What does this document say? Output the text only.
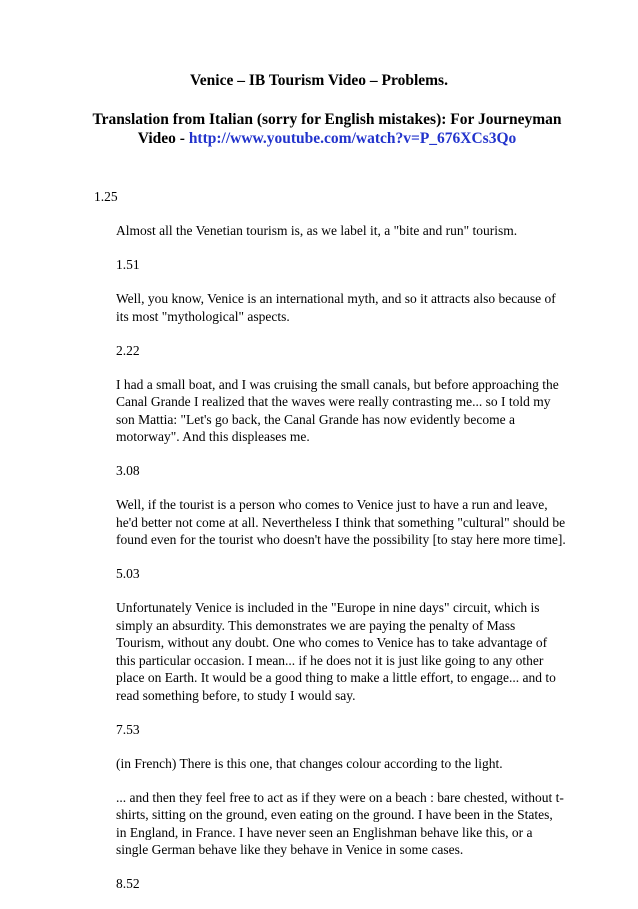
Venice – IB Tourism Video – Problems.

Translation from Italian (sorry for English mistakes): For Journeyman Video - http://www.youtube.com/watch?v=P_676XCs3Qo

1.25

Almost all the Venetian tourism is, as we label it, a "bite and run" tourism.

1.51

Well, you know, Venice is an international myth, and so it attracts also because of its most "mythological" aspects.

2.22

I had a small boat, and I was cruising the small canals, but before approaching the Canal Grande I realized that the waves were really contrasting me... so I told my son Mattia: "Let's go back, the Canal Grande has now evidently become a motorway". And this displeases me.

3.08

Well, if the tourist is a person who comes to Venice just to have a run and leave, he'd better not come at all. Nevertheless I think that something "cultural" should be found even for the tourist who doesn't have the possibility [to stay here more time].

5.03

Unfortunately Venice is included in the "Europe in nine days" circuit, which is simply an absurdity. This demonstrates we are paying the penalty of Mass Tourism, without any doubt. One who comes to Venice has to take advantage of this particular occasion. I mean... if he does not it is just like going to any other place on Earth. It would be a good thing to make a little effort, to engage... and to read something before, to study I would say.

7.53

(in French) There is this one, that changes colour according to the light.

... and then they feel free to act as if they were on a beach : bare chested, without t-shirts, sitting on the ground, even eating on the ground. I have been in the States, in England, in France. I have never seen an Englishman behave like this, or a single German behave like they behave in Venice in some cases.

8.52
